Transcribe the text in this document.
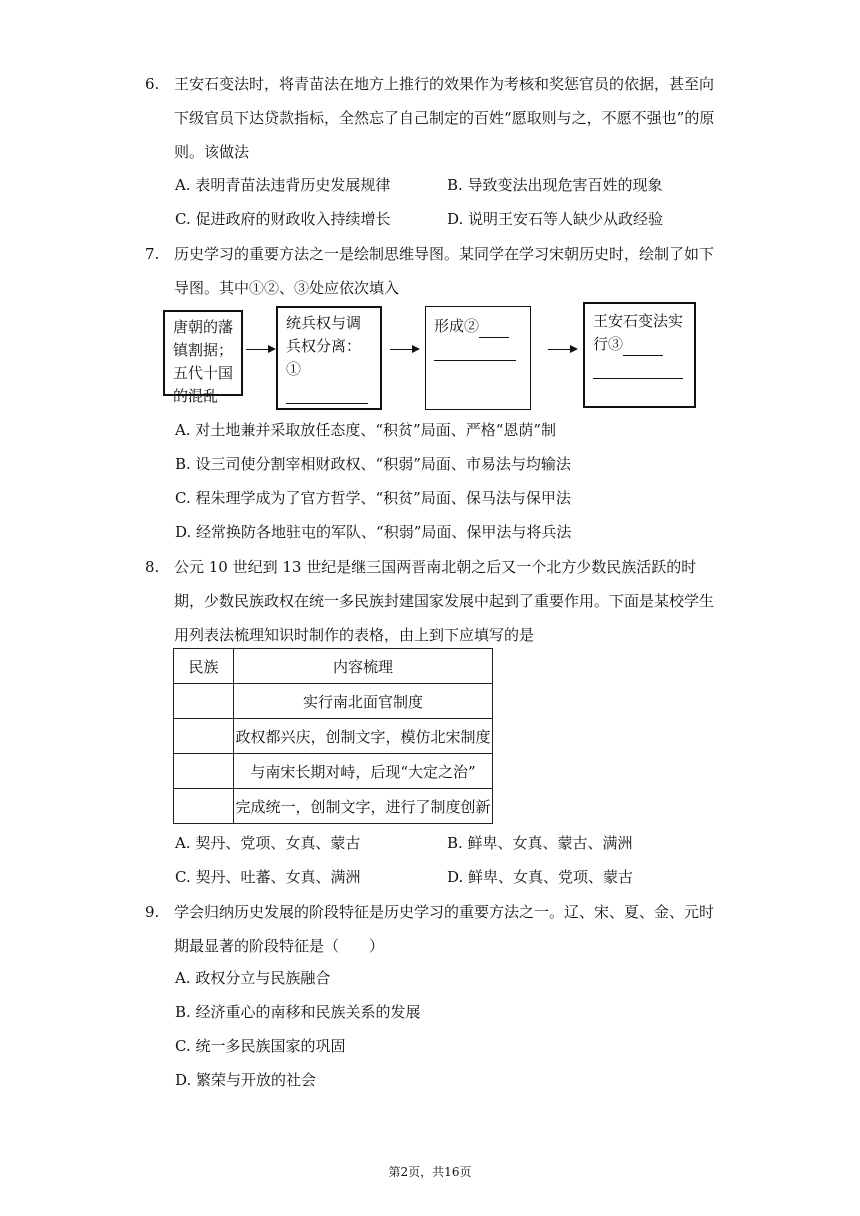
6. 王安石变法时，将青苗法在地方上推行的效果作为考核和奖惩官员的依据，甚至向下级官员下达贷款指标，全然忘了自己制定的百姓“愿取则与之，不愿不强也”的原则。该做法
A. 表明青苗法违背历史发展规律	B. 导致变法出现危害百姓的现象
C. 促进政府的财政收入持续增长	D. 说明王安石等人缺少从政经验
7. 历史学习的重要方法之一是绘制思维导图。某同学在学习宋朝历史时，绘制了如下导图。其中①②、③处应依次填入
唐朝的藩镇割据；五代十国的混乱
统兵权与调兵权分离：①
形成②	王安石变法实行③

A. 对土地兼并采取放任态度、“积贫”局面、严格“恩荫”制
B. 设三司使分割宰相财政权、“积弱”局面、市易法与均输法
C. 程朱理学成为了官方哲学、“积贫”局面、保马法与保甲法
D. 经常换防各地驻屯的军队、“积弱”局面、保甲法与将兵法
8. 公元 10 世纪到 13 世纪是继三国两晋南北朝之后又一个北方少数民族活跃的时期，少数民族政权在统一多民族封建国家发展中起到了重要作用。下面是某校学生用列表法梳理知识时制作的表格，由上到下应填写的是
民族	内容梳理
	实行南北面官制度
	政权都兴庆，创制文字，模仿北宋制度
	与南宋长期对峙，后现“大定之治”
	完成统一，创制文字，进行了制度创新
A. 契丹、党项、女真、蒙古	B. 鲜卑、女真、蒙古、满洲
C. 契丹、吐蕃、女真、满洲	D. 鲜卑、女真、党项、蒙古
9. 学会归纳历史发展的阶段特征是历史学习的重要方法之一。辽、宋、夏、金、元时期最显著的阶段特征是（　　）
A. 政权分立与民族融合
B. 经济重心的南移和民族关系的发展
C. 统一多民族国家的巩固
D. 繁荣与开放的社会
第2页，共16页
